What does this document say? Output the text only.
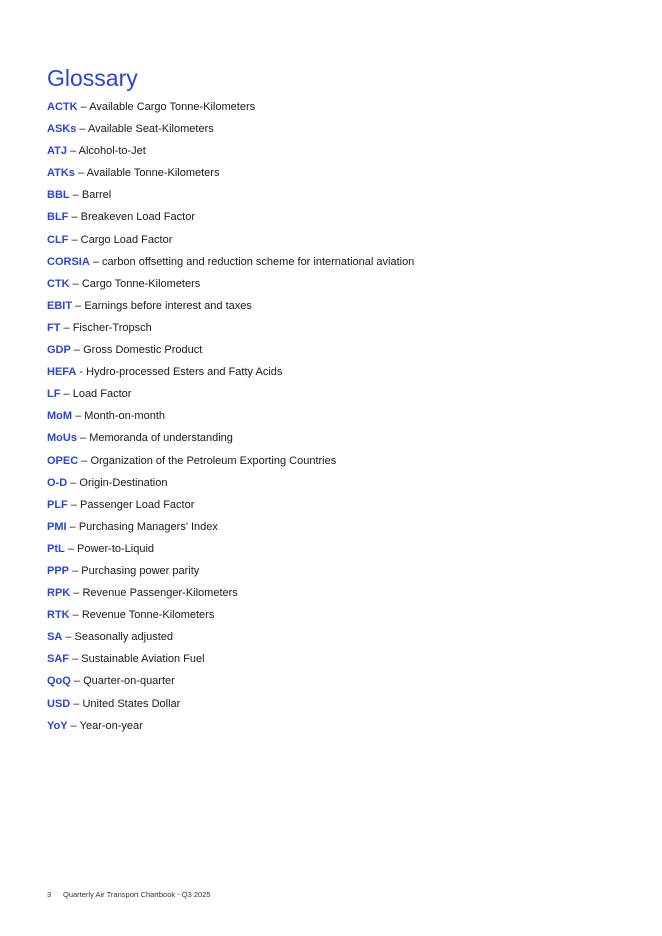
Glossary
ACTK – Available Cargo Tonne-Kilometers
ASKs – Available Seat-Kilometers
ATJ – Alcohol-to-Jet
ATKs – Available Tonne-Kilometers
BBL – Barrel
BLF – Breakeven Load Factor
CLF – Cargo Load Factor
CORSIA – carbon offsetting and reduction scheme for international aviation
CTK – Cargo Tonne-Kilometers
EBIT – Earnings before interest and taxes
FT – Fischer-Tropsch
GDP – Gross Domestic Product
HEFA - Hydro-processed Esters and Fatty Acids
LF – Load Factor
MoM – Month-on-month
MoUs – Memoranda of understanding
OPEC – Organization of the Petroleum Exporting Countries
O-D – Origin-Destination
PLF – Passenger Load Factor
PMI – Purchasing Managers' Index
PtL – Power-to-Liquid
PPP – Purchasing power parity
RPK – Revenue Passenger-Kilometers
RTK – Revenue Tonne-Kilometers
SA – Seasonally adjusted
SAF – Sustainable Aviation Fuel
QoQ – Quarter-on-quarter
USD – United States Dollar
YoY – Year-on-year
3 Quarterly Air Transport Chartbook - Q3 2025
